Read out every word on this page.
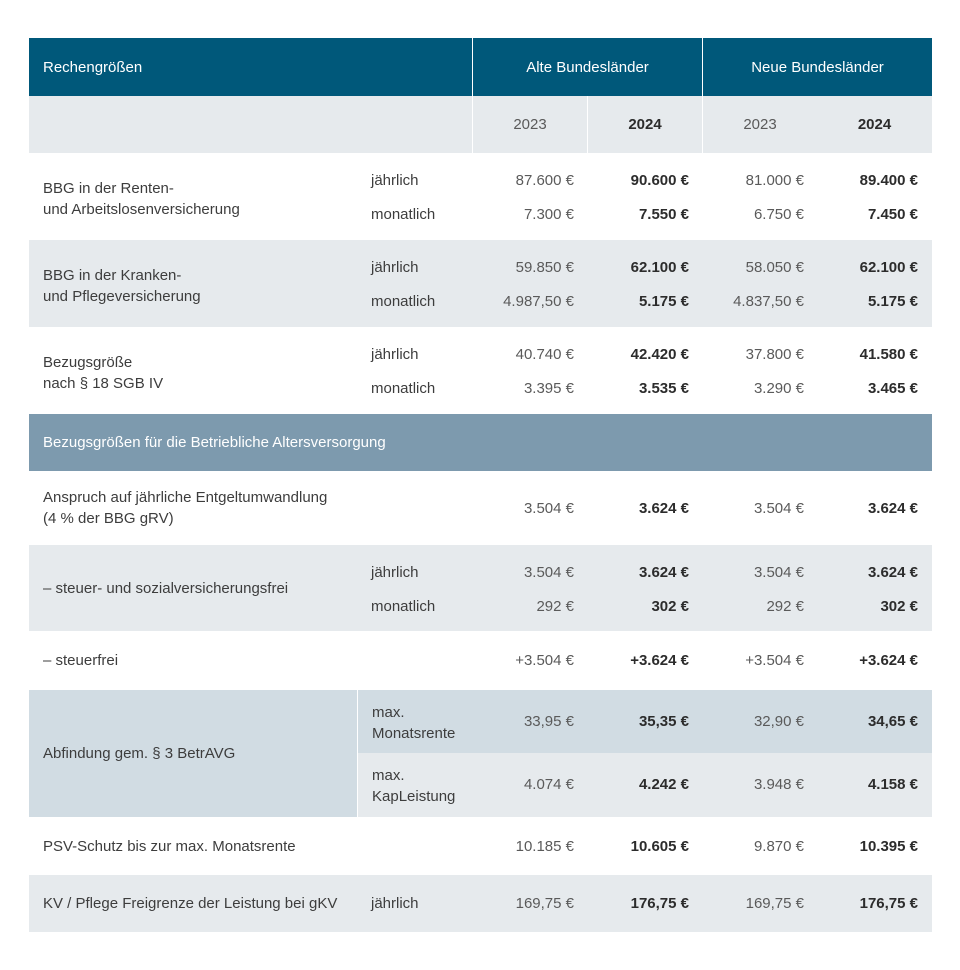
Rechengrößen	Alte Bundesländer	Neue Bundesländer
2023	2024	2023	2024
BBG in der Renten-
und Arbeitslosenversicherung
jährlich	87.600 €	90.600 €	81.000 €	89.400 €
monatlich	7.300 €	7.550 €	6.750 €	7.450 €
BBG in der Kranken-
und Pflegeversicherung
jährlich	59.850 €	62.100 €	58.050 €	62.100 €
monatlich	4.987,50 €	5.175 €	4.837,50 €	5.175 €
Bezugsgröße
nach § 18 SGB IV
jährlich	40.740 €	42.420 €	37.800 €	41.580 €
monatlich	3.395 €	3.535 €	3.290 €	3.465 €
Bezugsgrößen für die Betriebliche Altersversorgung
Anspruch auf jährliche Entgeltumwandlung
(4 % der BBG gRV)
3.504 €	3.624 €	3.504 €	3.624 €
– steuer- und sozialversicherungsfrei
jährlich	3.504 €	3.624 €	3.504 €	3.624 €
monatlich	292 €	302 €	292 €	302 €
– steuerfrei	+3.504 €	+3.624 €	+3.504 €	+3.624 €
Abfindung gem. § 3 BetrAVG
max.
Monatsrente
33,95 €	35,35 €	32,90 €	34,65 €
max.
KapLeistung
4.074 €	4.242 €	3.948 €	4.158 €
PSV-Schutz bis zur max. Monatsrente	10.185 €	10.605 €	9.870 €	10.395 €
KV / Pflege Freigrenze der Leistung bei gKV	jährlich	169,75 €	176,75 €	169,75 €	176,75 €
